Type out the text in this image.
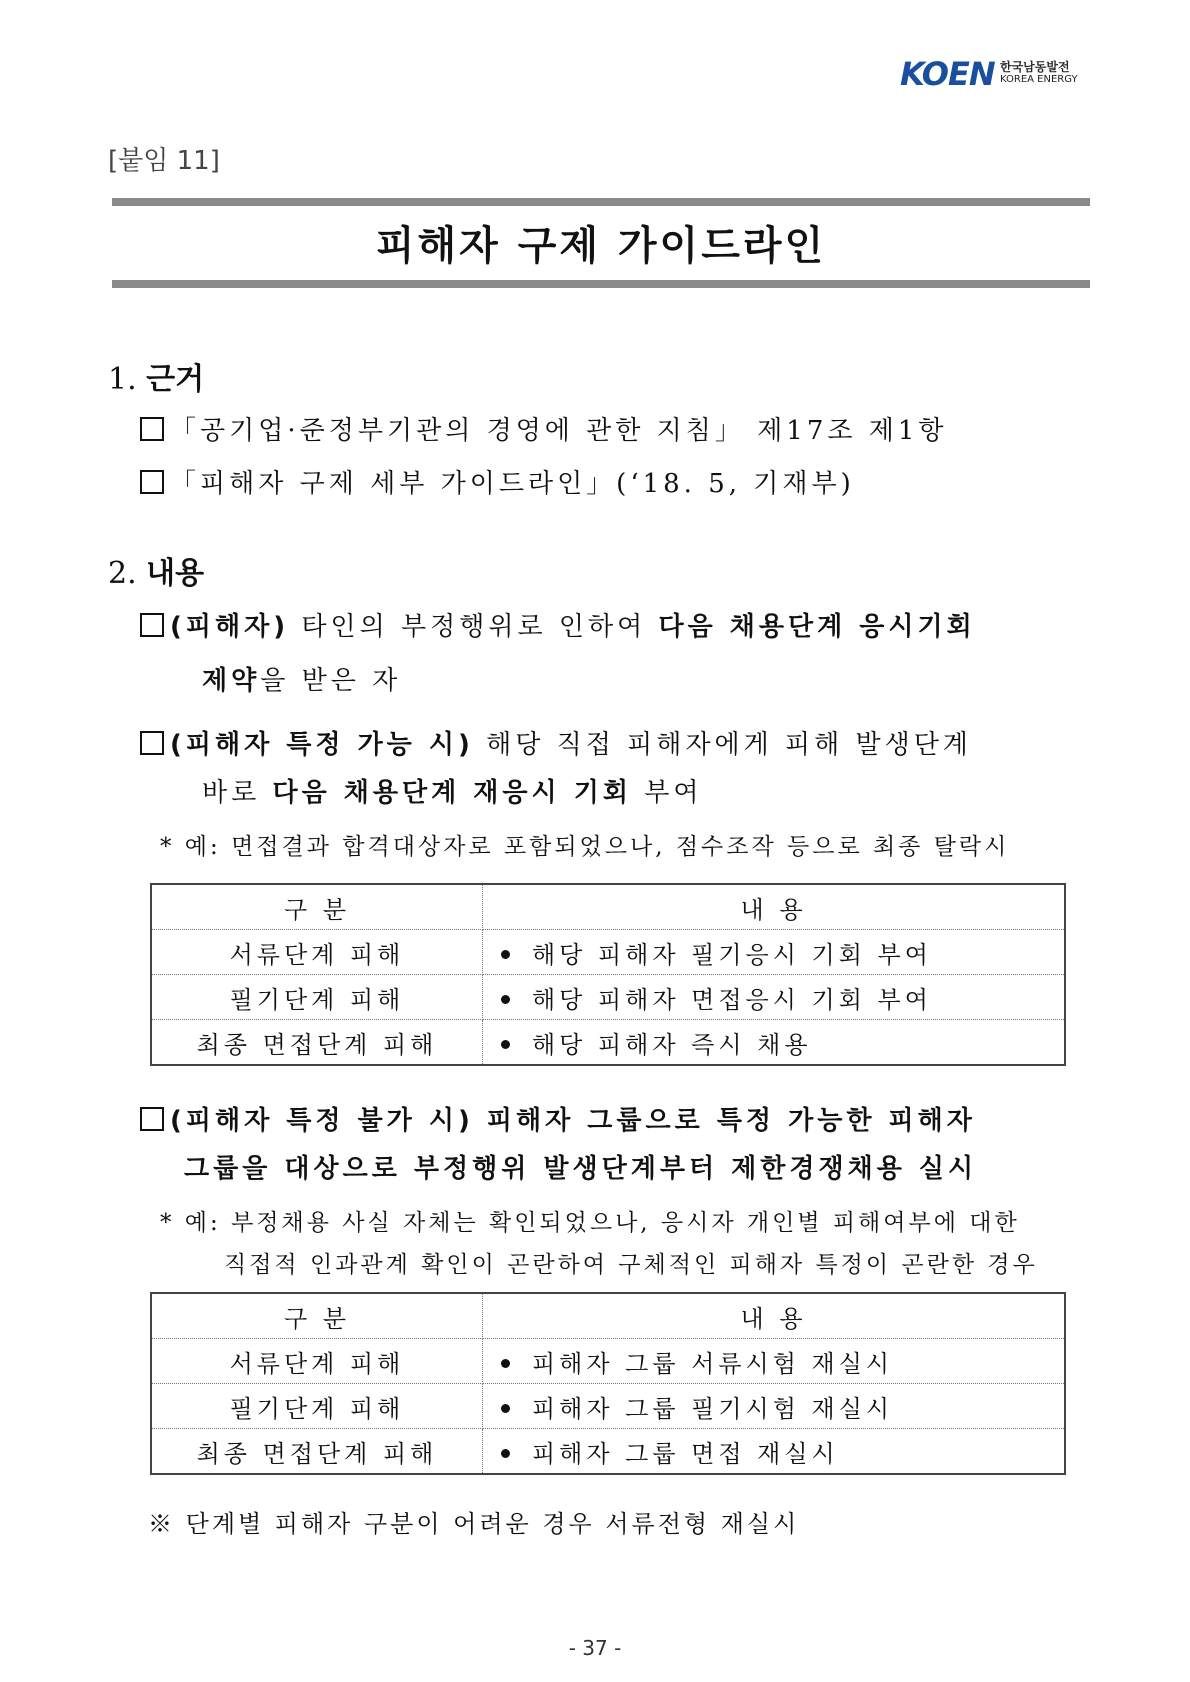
KOEN 한국남동발전
KOREA ENERGY
[붙임 11]
피해자 구제 가이드라인
1. 근거
「공기업·준정부기관의 경영에 관한 지침」 제17조 제1항
「피해자 구제 세부 가이드라인」(‘18. 5, 기재부)
2. 내용
(피해자) 타인의 부정행위로 인하여 다음 채용단계 응시기회
제약을 받은 자
(피해자 특정 가능 시) 해당 직접 피해자에게 피해 발생단계
바로 다음 채용단계 재응시 기회 부여
* 예: 면접결과 합격대상자로 포함되었으나, 점수조작 등으로 최종 탈락시
구 분	내 용
서류단계 피해	해당 피해자 필기응시 기회 부여
필기단계 피해	해당 피해자 면접응시 기회 부여
최종 면접단계 피해	해당 피해자 즉시 채용
(피해자 특정 불가 시) 피해자 그룹으로 특정 가능한 피해자
그룹을 대상으로 부정행위 발생단계부터 제한경쟁채용 실시
* 예: 부정채용 사실 자체는 확인되었으나, 응시자 개인별 피해여부에 대한
직접적 인과관계 확인이 곤란하여 구체적인 피해자 특정이 곤란한 경우
구 분	내 용
서류단계 피해	피해자 그룹 서류시험 재실시
필기단계 피해	피해자 그룹 필기시험 재실시
최종 면접단계 피해	피해자 그룹 면접 재실시
※ 단계별 피해자 구분이 어려운 경우 서류전형 재실시
- 37 -
